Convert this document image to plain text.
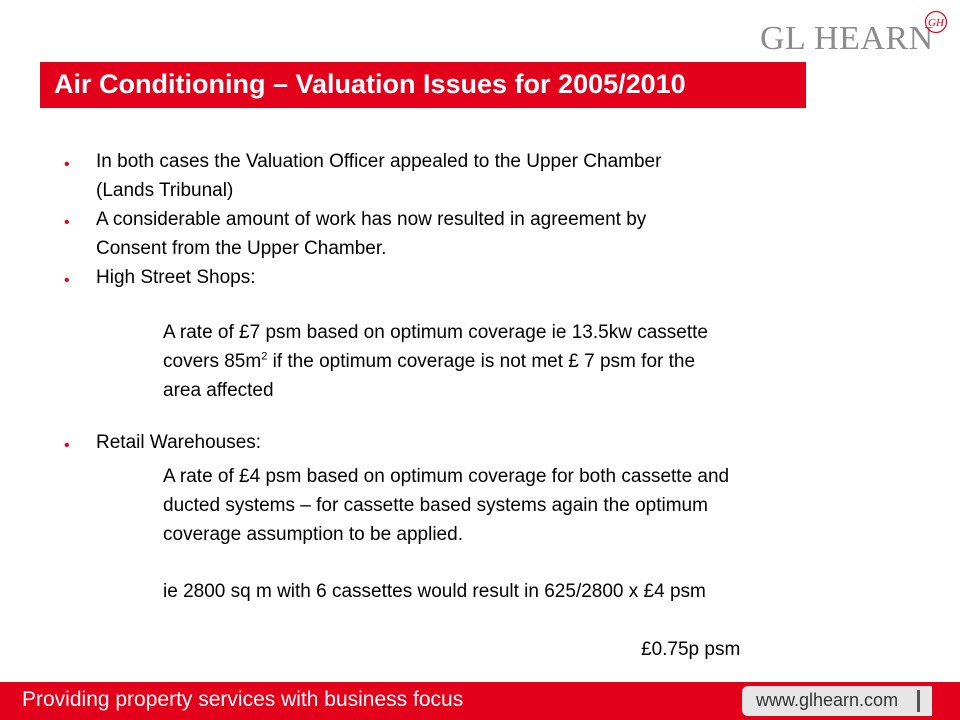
GL HEARN
GH
Air Conditioning – Valuation Issues for 2005/2010
• In both cases the Valuation Officer appealed to the Upper Chamber
(Lands Tribunal)
• A considerable amount of work has now resulted in agreement by
Consent from the Upper Chamber.
• High Street Shops:
A rate of £7 psm based on optimum coverage ie 13.5kw cassette
covers $85m^2$ if the optimum coverage is not met £ 7 psm for the
area affected
• Retail Warehouses:
A rate of £4 psm based on optimum coverage for both cassette and
ducted systems – for cassette based systems again the optimum
coverage assumption to be applied.
ie 2800 sq m with 6 cassettes would result in 625/2800 x £4 psm
£0.75p psm
Providing property services with business focus	www.glhearn.com
